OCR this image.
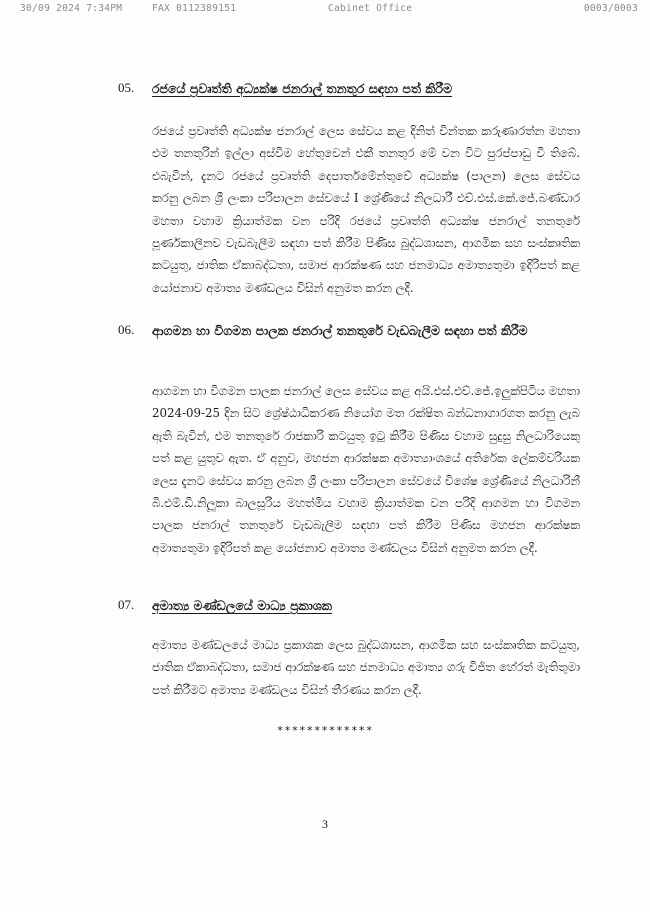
30/09 2024 7:34PM	FAX 0112389151	Cabinet Office	0003/0003
05. රජයේ ප්‍රවෘත්ති අධ්‍යක්ෂ ජනරාල් තනතුර සඳහා පත් කිරීම
රජයේ ප්‍රවෘත්ති අධ්‍යක්ෂ ජනරාල් ලෙස සේවය කළ දිනිත් චින්තක කරුණාරත්න මහතා එම තනතුරින් ඉල්ලා අස්වීම හේතුවෙන් එකී තනතුර මේ වන විට පුරප්පාඩු වී තිබේ. එබැවින්, දැනට රජයේ ප්‍රවෘත්ති දෙපාර්තමේන්තුවේ අධ්‍යක්ෂ (පාලන) ලෙස සේවය කරනු ලබන ශ්‍රී ලංකා පරිපාලන සේවයේ I ශ්‍රේණියේ නිලධාරී එච්.එස්.කේ.ජේ.බණ්ඩාර මහතා වහාම ක්‍රියාත්මක වන පරිදි රජයේ ප්‍රවෘත්ති අධ්‍යක්ෂ ජනරාල් තනතුරේ පූර්ණකාලීනව වැඩබැලීම සඳහා පත් කිරීම පිණිස බුද්ධශාසන, ආගමික සහ සංස්කෘතික කටයුතු, ජාතික ඒකාබද්ධතා, සමාජ ආරක්ෂණ සහ ජනමාධ්‍ය අමාත්‍යතුමා ඉදිරිපත් කළ යෝජනාව අමාත්‍ය මණ්ඩලය විසින් අනුමත කරන ලදී.
06. ආගමන හා විගමන පාලක ජනරාල් තනතුරේ වැඩබැලීම සඳහා පත් කිරීම
ආගමන හා විගමන පාලක ජනරාල් ලෙස සේවය කළ අයි.එස්.එච්.ජේ.ඉලුක්පිටිය මහතා 2024-09-25 දින සිට ශ්‍රේෂ්ඨාධිකරණ නියෝග මත රක්ෂිත බන්ධනාගාරගත කරනු ලැබ ඇති බැවින්, එම තනතුරේ රාජකාරි කටයුතු ඉටු කිරීම පිණිස වහාම සුදුසු නිලධාරියෙකු පත් කළ යුතුව ඇත. ඒ අනුව, මහජන ආරක්ෂක අමාත්‍යාංශයේ අතිරේක ලේකම්වරියක ලෙස දැනට සේවය කරනු ලබන ශ්‍රී ලංකා පරිපාලන සේවයේ විශේෂ ශ්‍රේණියේ නිලධාරිනී බී.එම්.ඩී.නිලූකා බාලසූරිය මහත්මිය වහාම ක්‍රියාත්මක වන පරිදි ආගමන හා විගමන පාලක ජනරාල් තනතුරේ වැඩබැලීම සඳහා පත් කිරීම පිණිස මහජන ආරක්ෂක අමාත්‍යතුමා ඉදිරිපත් කළ යෝජනාව අමාත්‍ය මණ්ඩලය විසින් අනුමත කරන ලදී.
07. අමාත්‍ය මණ්ඩලයේ මාධ්‍ය ප්‍රකාශක
අමාත්‍ය මණ්ඩලයේ මාධ්‍ය ප්‍රකාශක ලෙස බුද්ධශාසන, ආගමික සහ සංස්කෘතික කටයුතු, ජාතික ඒකාබද්ධතා, සමාජ ආරක්ෂණ සහ ජනමාධ්‍ය අමාත්‍ය ගරු විජිත හේරත් මැතිතුමා පත් කිරීමට අමාත්‍ය මණ්ඩලය විසින් තීරණය කරන ලදී.
*************
3
